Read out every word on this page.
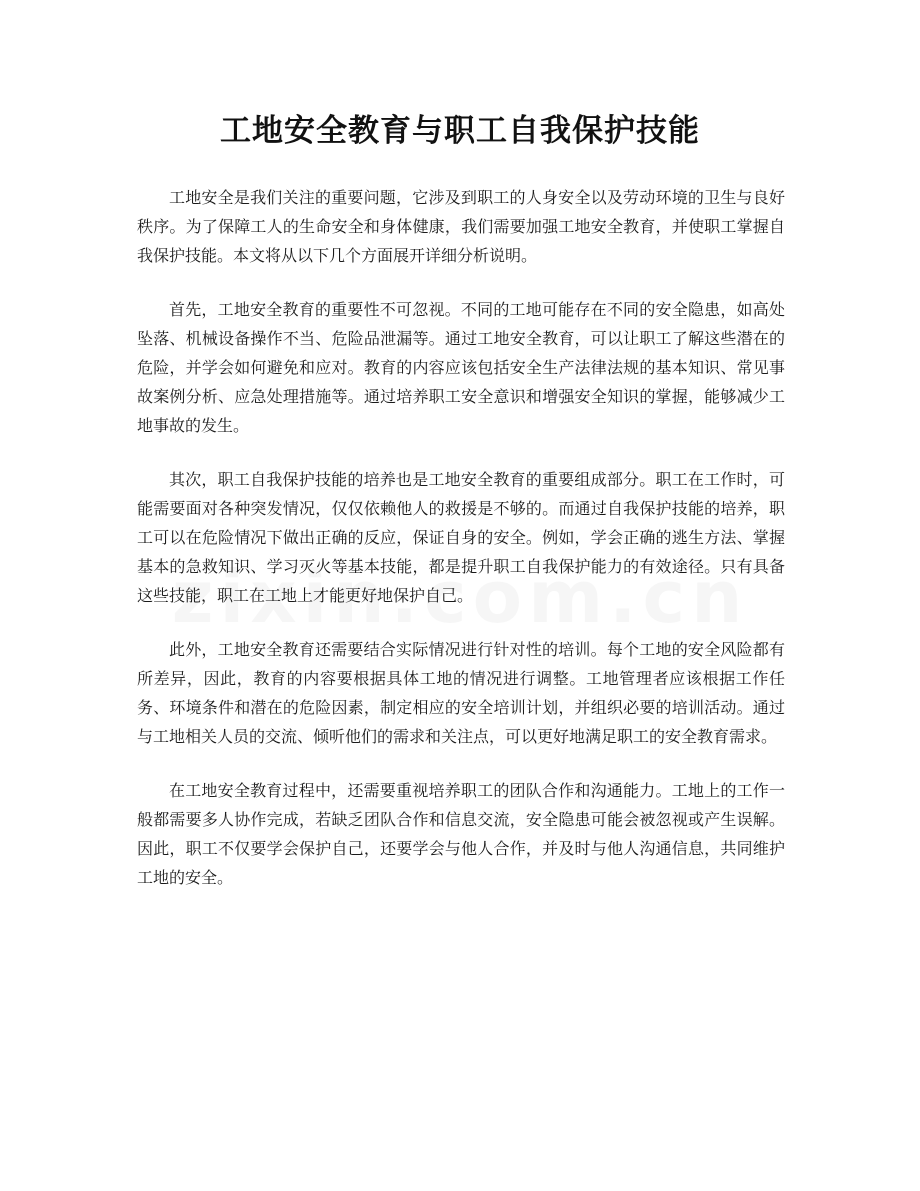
工地安全教育与职工自我保护技能

工地安全是我们关注的重要问题，它涉及到职工的人身安全以及劳动环境的卫生与良好秩序。为了保障工人的生命安全和身体健康，我们需要加强工地安全教育，并使职工掌握自我保护技能。本文将从以下几个方面展开详细分析说明。

首先，工地安全教育的重要性不可忽视。不同的工地可能存在不同的安全隐患，如高处坠落、机械设备操作不当、危险品泄漏等。通过工地安全教育，可以让职工了解这些潜在的危险，并学会如何避免和应对。教育的内容应该包括安全生产法律法规的基本知识、常见事故案例分析、应急处理措施等。通过培养职工安全意识和增强安全知识的掌握，能够减少工地事故的发生。

其次，职工自我保护技能的培养也是工地安全教育的重要组成部分。职工在工作时，可能需要面对各种突发情况，仅仅依赖他人的救援是不够的。而通过自我保护技能的培养，职工可以在危险情况下做出正确的反应，保证自身的安全。例如，学会正确的逃生方法、掌握基本的急救知识、学习灭火等基本技能，都是提升职工自我保护能力的有效途径。只有具备这些技能，职工在工地上才能更好地保护自己。

此外，工地安全教育还需要结合实际情况进行针对性的培训。每个工地的安全风险都有所差异，因此，教育的内容要根据具体工地的情况进行调整。工地管理者应该根据工作任务、环境条件和潜在的危险因素，制定相应的安全培训计划，并组织必要的培训活动。通过与工地相关人员的交流、倾听他们的需求和关注点，可以更好地满足职工的安全教育需求。

在工地安全教育过程中，还需要重视培养职工的团队合作和沟通能力。工地上的工作一般都需要多人协作完成，若缺乏团队合作和信息交流，安全隐患可能会被忽视或产生误解。因此，职工不仅要学会保护自己，还要学会与他人合作，并及时与他人沟通信息，共同维护工地的安全。
